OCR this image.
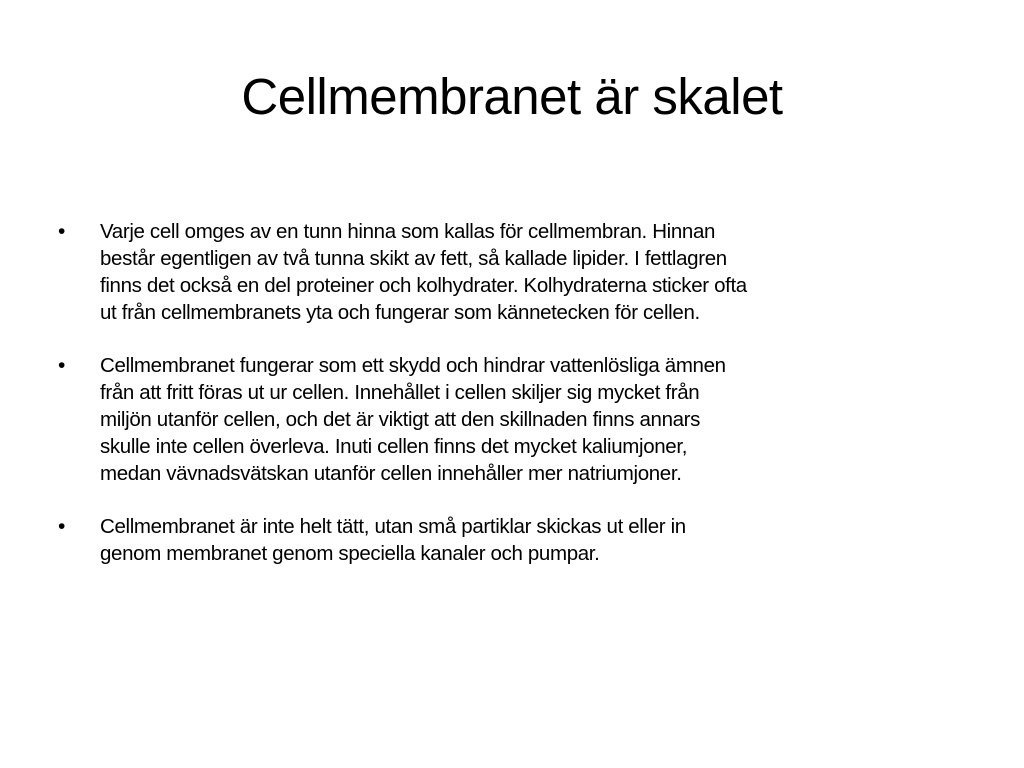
Cellmembranet är skalet
• Varje cell omges av en tunn hinna som kallas för cellmembran. Hinnan
består egentligen av två tunna skikt av fett, så kallade lipider. I fettlagren
finns det också en del proteiner och kolhydrater. Kolhydraterna sticker ofta
ut från cellmembranets yta och fungerar som kännetecken för cellen.
• Cellmembranet fungerar som ett skydd och hindrar vattenlösliga ämnen
från att fritt föras ut ur cellen. Innehållet i cellen skiljer sig mycket från
miljön utanför cellen, och det är viktigt att den skillnaden finns annars
skulle inte cellen överleva. Inuti cellen finns det mycket kaliumjoner,
medan vävnadsvätskan utanför cellen innehåller mer natriumjoner.
• Cellmembranet är inte helt tätt, utan små partiklar skickas ut eller in
genom membranet genom speciella kanaler och pumpar.
